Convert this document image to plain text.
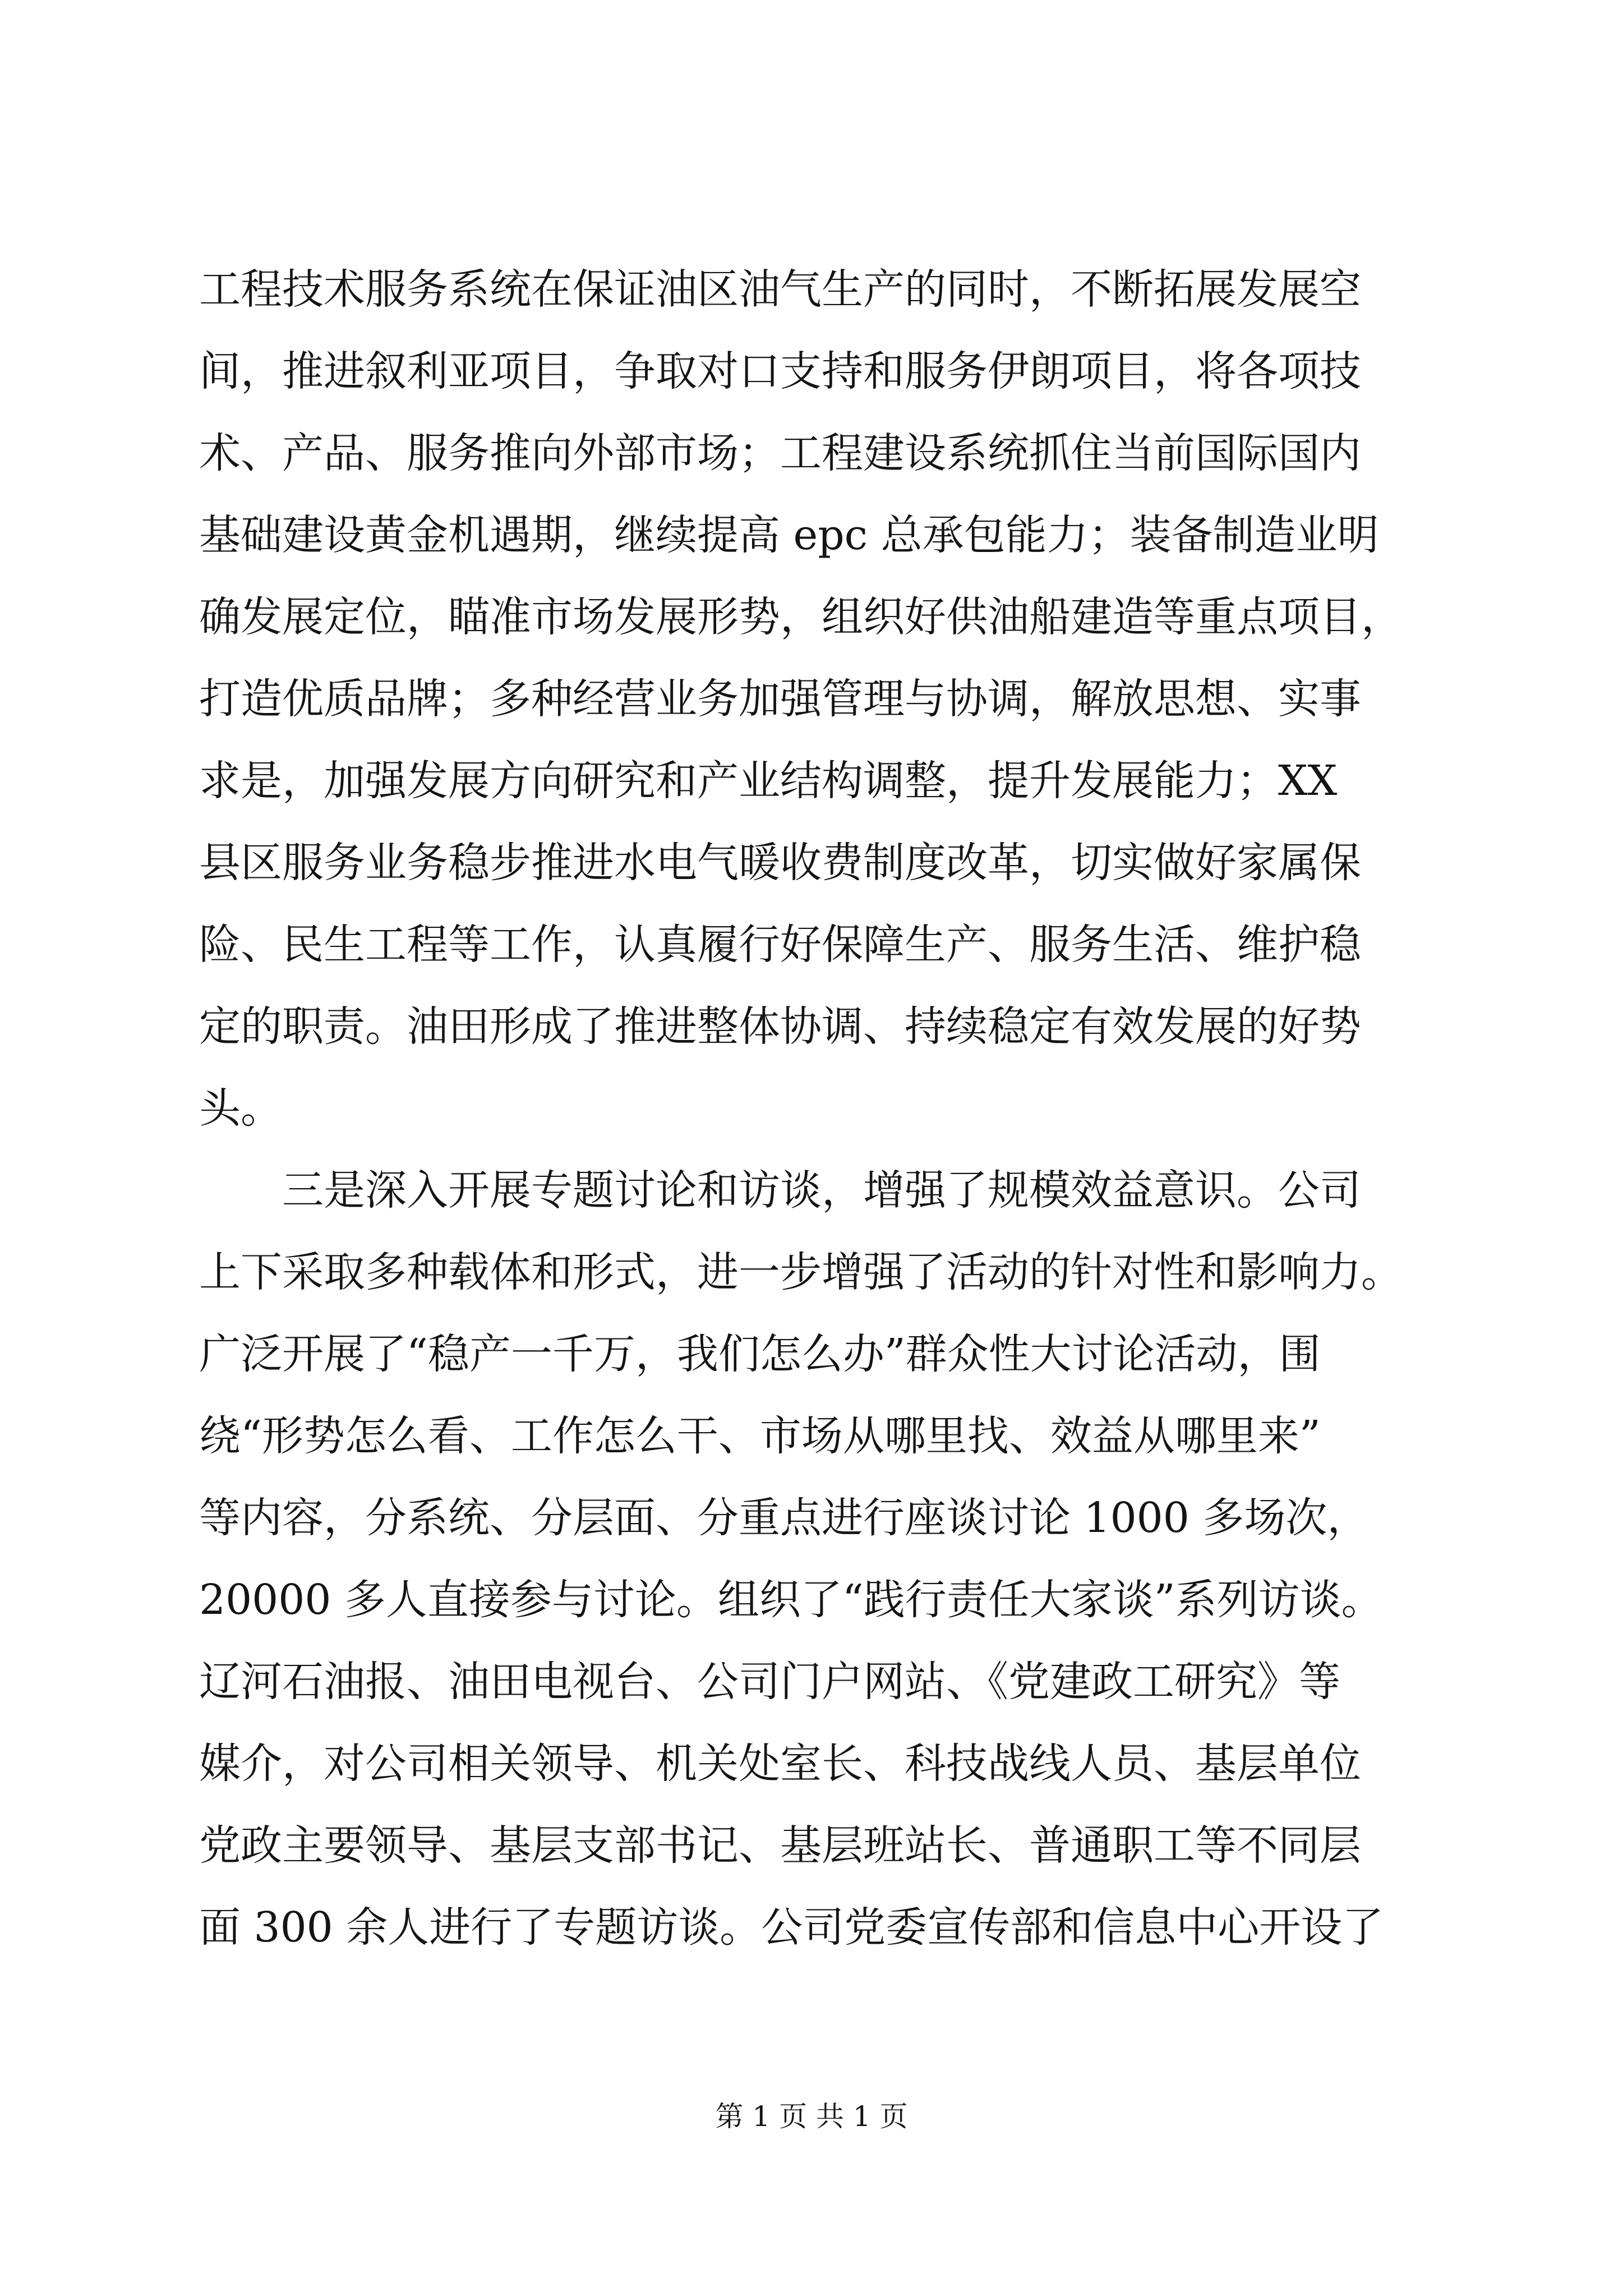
工程技术服务系统在保证油区油气生产的同时，不断拓展发展空
间，推进叙利亚项目，争取对口支持和服务伊朗项目，将各项技
术、产品、服务推向外部市场；工程建设系统抓住当前国际国内
基础建设黄金机遇期，继续提高 epc 总承包能力；装备制造业明
确发展定位，瞄准市场发展形势，组织好供油船建造等重点项目，
打造优质品牌；多种经营业务加强管理与协调，解放思想、实事
求是，加强发展方向研究和产业结构调整，提升发展能力；XX
县区服务业务稳步推进水电气暖收费制度改革，切实做好家属保
险、民生工程等工作，认真履行好保障生产、服务生活、维护稳
定的职责。油田形成了推进整体协调、持续稳定有效发展的好势
头。
三是深入开展专题讨论和访谈，增强了规模效益意识。公司
上下采取多种载体和形式，进一步增强了活动的针对性和影响力。
广泛开展了“稳产一千万，我们怎么办”群众性大讨论活动，围
绕“形势怎么看、工作怎么干、市场从哪里找、效益从哪里来”
等内容，分系统、分层面、分重点进行座谈讨论 1000 多场次，
20000 多人直接参与讨论。组织了“践行责任大家谈”系列访谈。
辽河石油报、油田电视台、公司门户网站、《党建政工研究》等
媒介，对公司相关领导、机关处室长、科技战线人员、基层单位
党政主要领导、基层支部书记、基层班站长、普通职工等不同层
面 300 余人进行了专题访谈。公司党委宣传部和信息中心开设了
第 1 页 共 1 页
